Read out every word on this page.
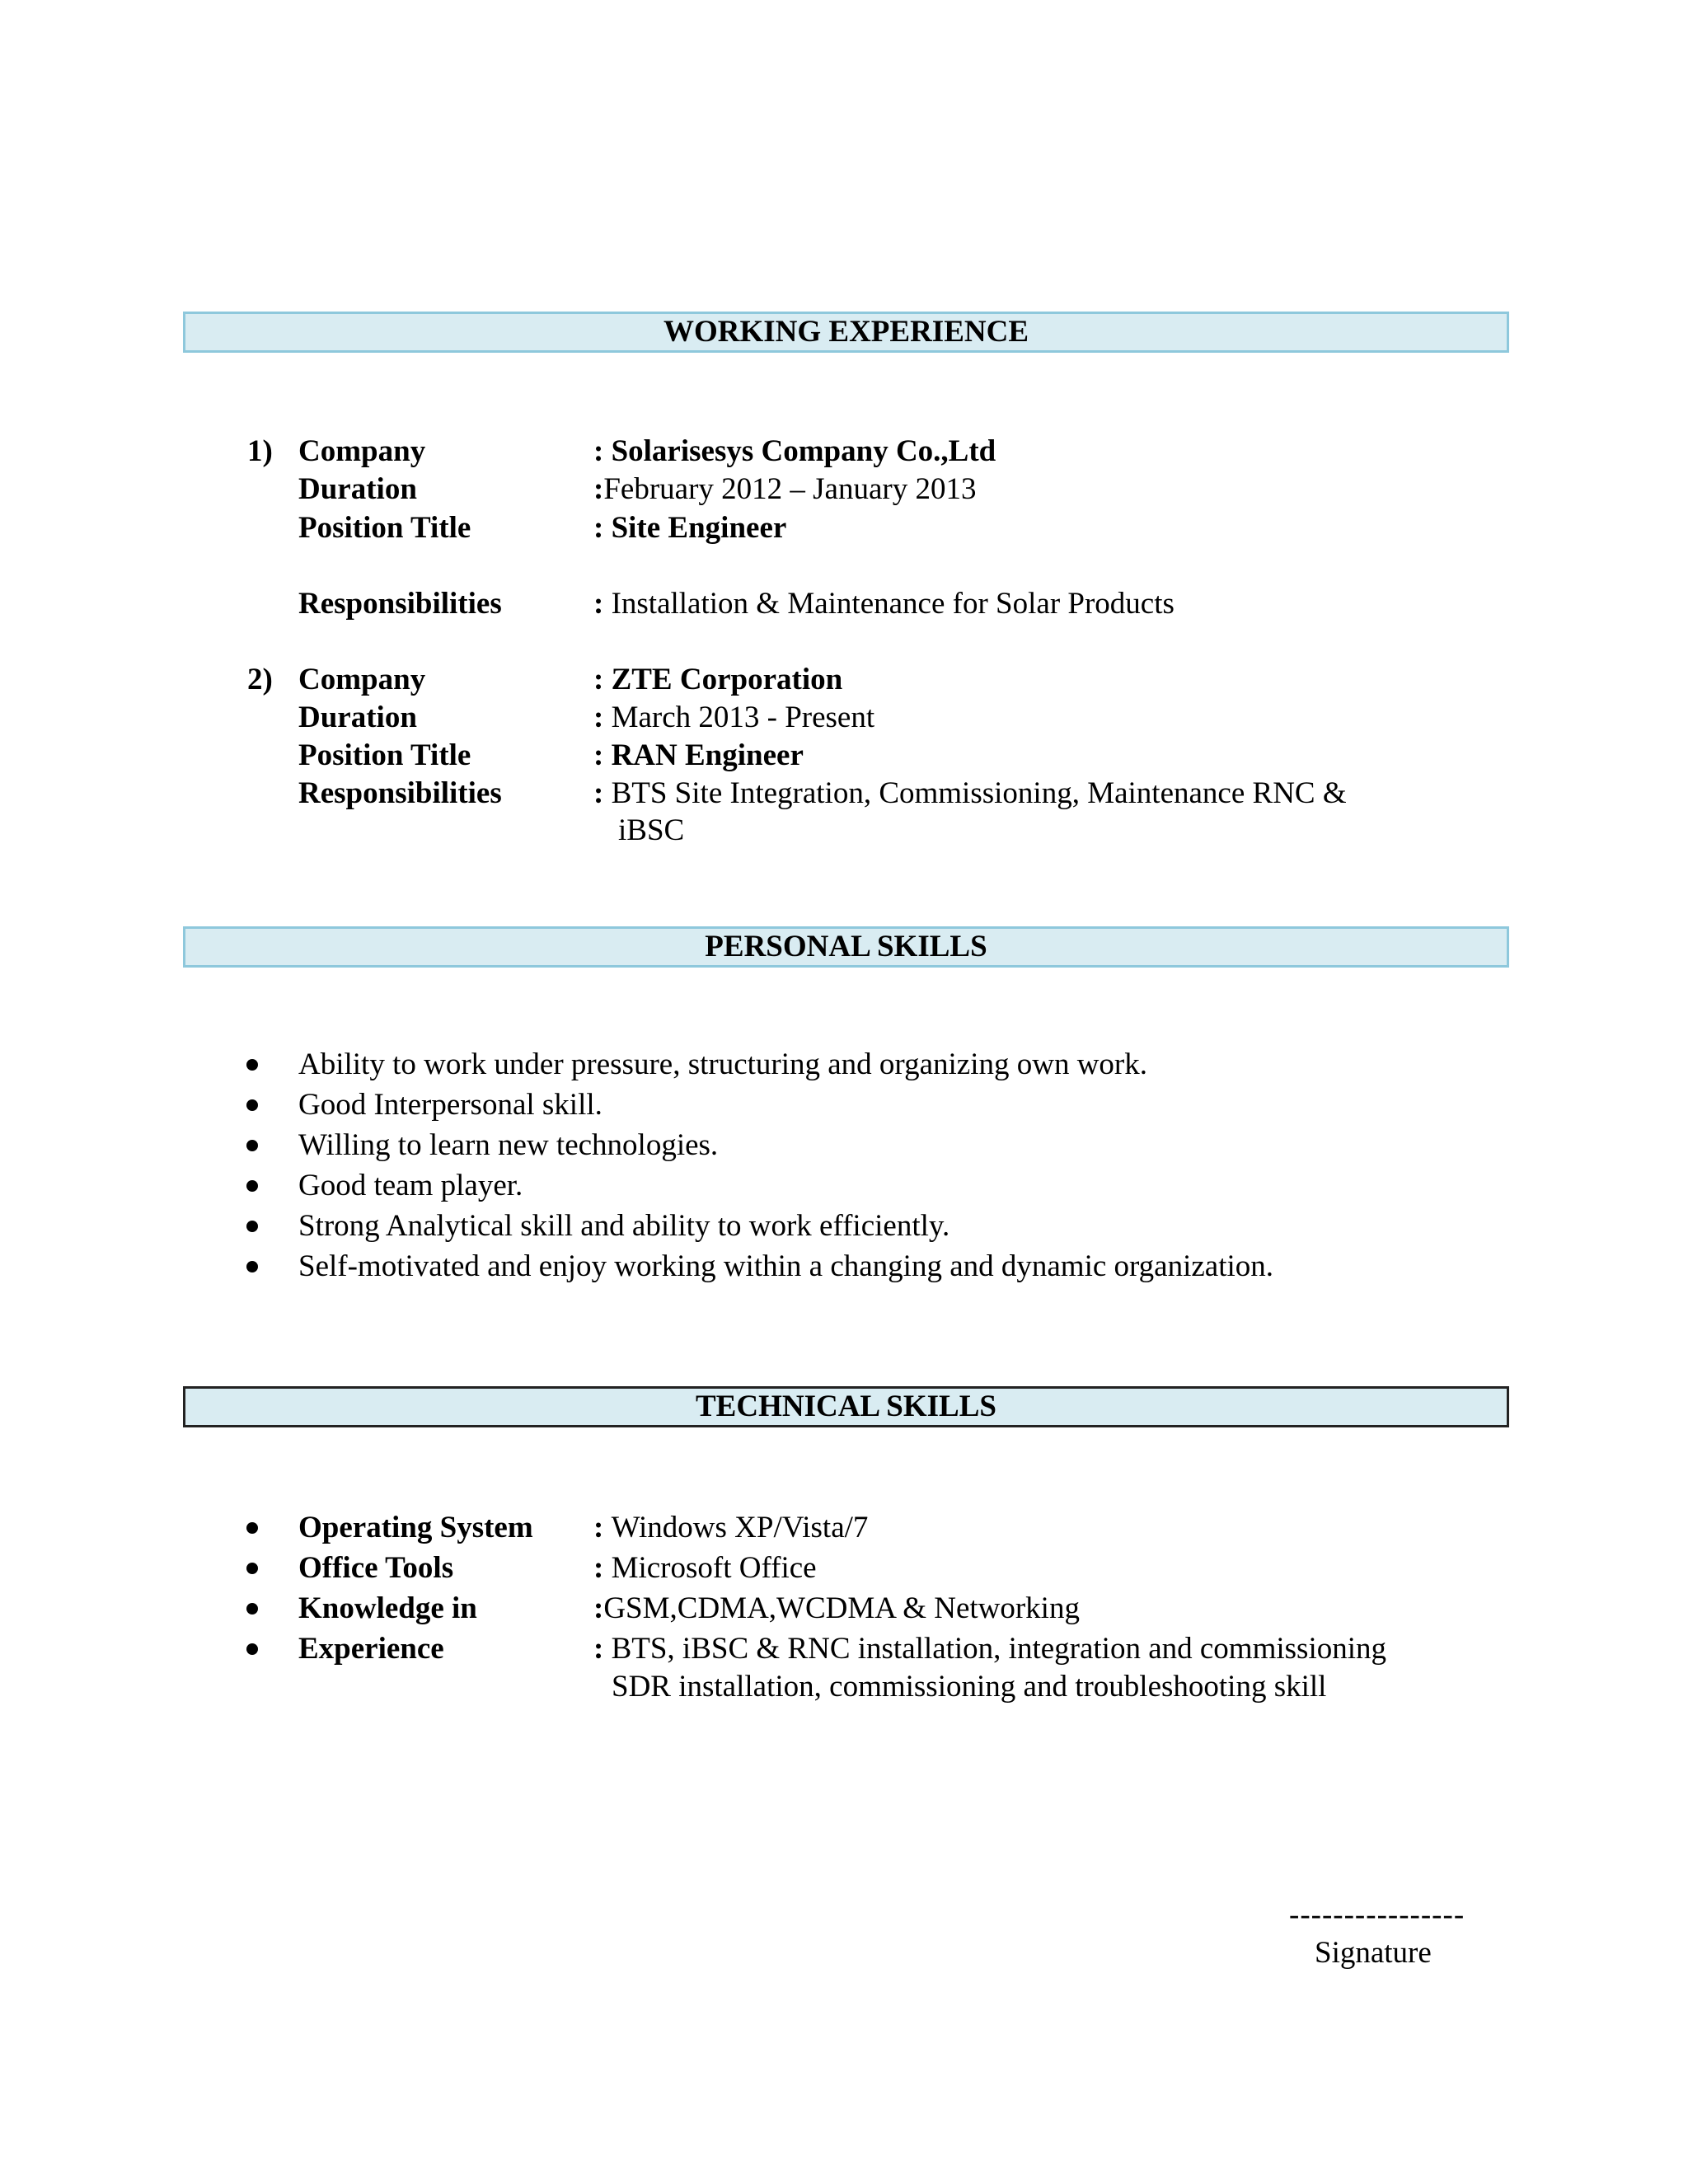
WORKING EXPERIENCE
1) Company	: Solarisesys Company Co.,Ltd
Duration	:February 2012 – January 2013
Position Title	: Site Engineer
Responsibilities	: Installation & Maintenance for Solar Products
2) Company	: ZTE Corporation
Duration	: March 2013 - Present
Position Title	: RAN Engineer
Responsibilities	: BTS Site Integration, Commissioning, Maintenance RNC &
iBSC
PERSONAL SKILLS
Ability to work under pressure, structuring and organizing own work.
Good Interpersonal skill.
Willing to learn new technologies.
Good team player.
Strong Analytical skill and ability to work efficiently.
Self-motivated and enjoy working within a changing and dynamic organization.
TECHNICAL SKILLS
Operating System : Windows XP/Vista/7
Office Tools	: Microsoft Office
Knowledge in	:GSM,CDMA,WCDMA & Networking
Experience	: BTS, iBSC & RNC installation, integration and commissioning
SDR installation, commissioning and troubleshooting skill
----------------
Signature
